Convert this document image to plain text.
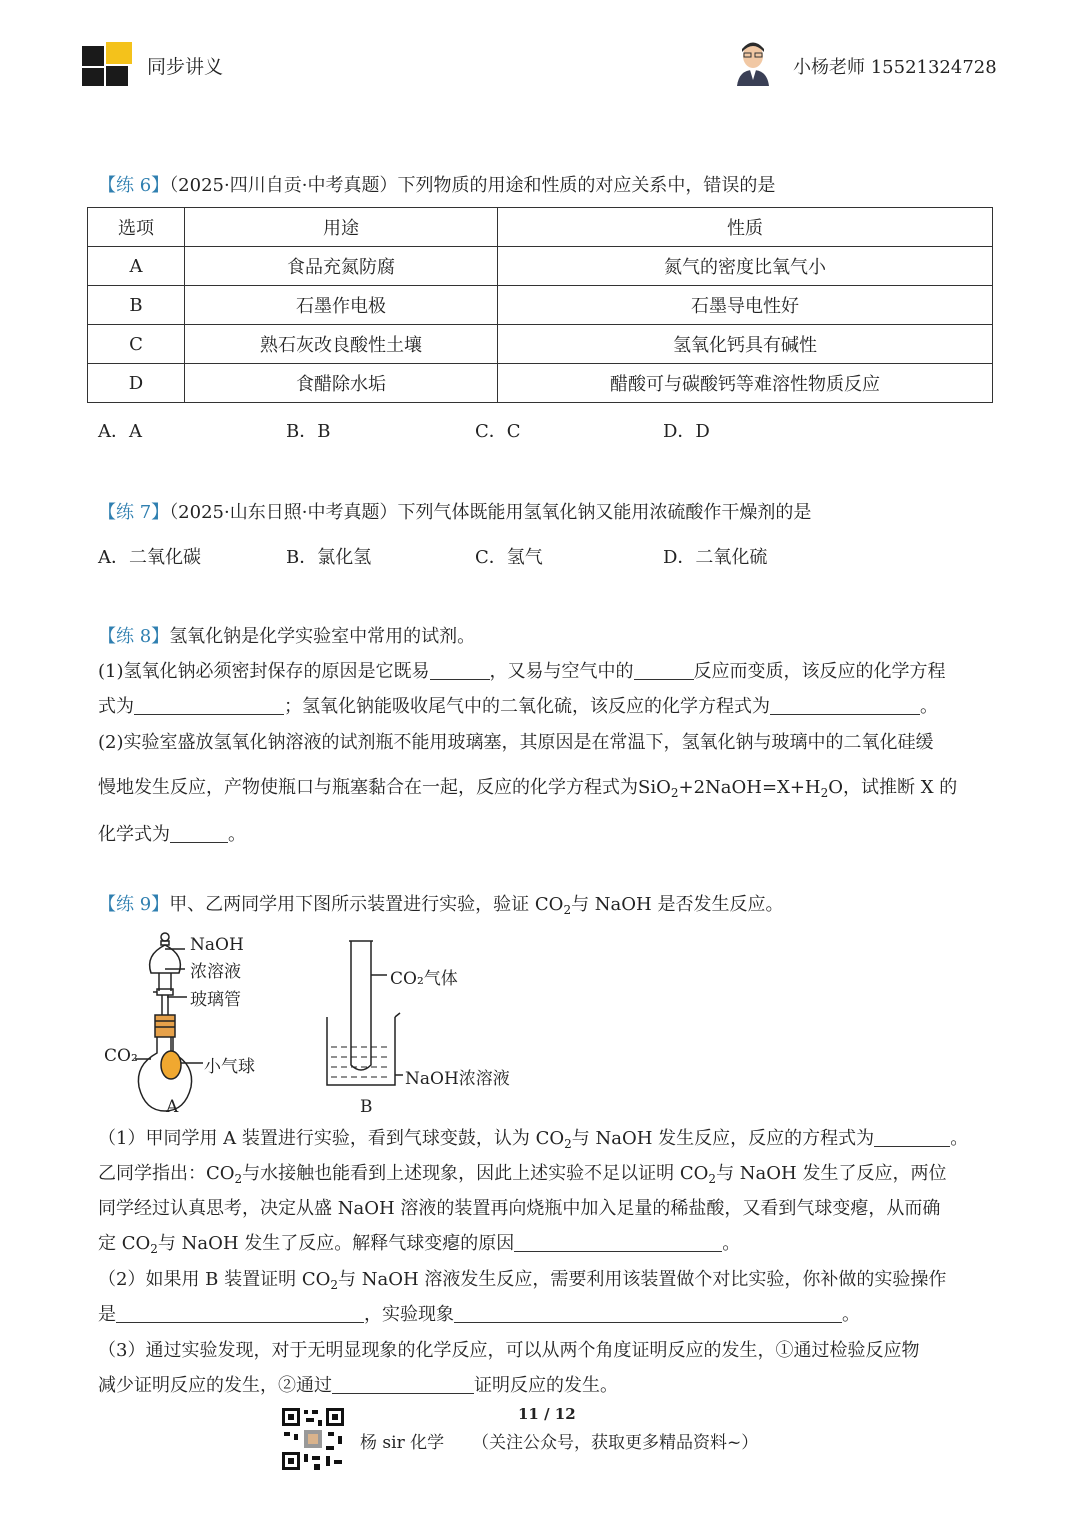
同步讲义	小杨老师 15521324728
【练 6】（2025·四川自贡·中考真题）下列物质的用途和性质的对应关系中，错误的是
选项	用途	性质
A	食品充氮防腐	氮气的密度比氧气小
B	石墨作电极	石墨导电性好
C	熟石灰改良酸性土壤	氢氧化钙具有碱性
D	食醋除水垢	醋酸可与碳酸钙等难溶性物质反应
A．A	B．B	C．C	D．D
【练 7】（2025·山东日照·中考真题）下列气体既能用氢氧化钠又能用浓硫酸作干燥剂的是
A．二氧化碳	B．氯化氢	C．氢气	D．二氧化硫
【练 8】氢氧化钠是化学实验室中常用的试剂。
(1)氢氧化钠必须密封保存的原因是它既易	，又易与空气中的	反应而变质，该反应的化学方程
式为	；氢氧化钠能吸收尾气中的二氧化硫，该反应的化学方程式为	。
(2)实验室盛放氢氧化钠溶液的试剂瓶不能用玻璃塞，其原因是在常温下，氢氧化钠与玻璃中的二氧化硅缓
慢地发生反应，产物使瓶口与瓶塞黏合在一起，反应的化学方程式为$SiO_2+2NaOH=X+H_2O$，试推断 X 的
化学式为	。
【练 9】甲、乙两同学用下图所示装置进行实验，验证 $CO_2$与 NaOH 是否发生反应。
NaOH
浓溶液
玻璃管
CO₂
小气球
A
CO₂气体
NaOH浓溶液
B
（1）甲同学用 A 装置进行实验，看到气球变鼓，认为 $CO_2$与 NaOH 发生反应，反应的方程式为	。
乙同学指出：$CO_2$与水接触也能看到上述现象，因此上述实验不足以证明 $CO_2$与 NaOH 发生了反应，两位
同学经过认真思考，决定从盛 NaOH 溶液的装置再向烧瓶中加入足量的稀盐酸，又看到气球变瘪，从而确
定 $CO_2$与 NaOH 发生了反应。解释气球变瘪的原因	。
（2）如果用 B 装置证明 $CO_2$与 NaOH 溶液发生反应，需要利用该装置做个对比实验，你补做的实验操作
是	，实验现象	。
（3）通过实验发现，对于无明显现象的化学反应，可以从两个角度证明反应的发生，①通过检验反应物
减少证明反应的发生，②通过	证明反应的发生。
11 / 12
杨 sir 化学 （关注公众号，获取更多精品资料~）
